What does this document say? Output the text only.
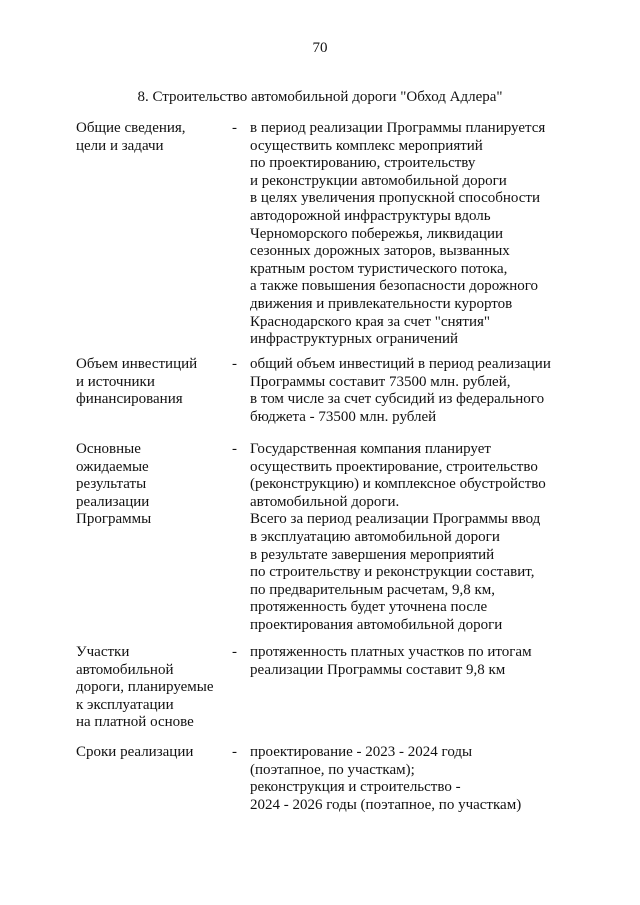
70
8. Строительство автомобильной дороги "Обход Адлера"
Общие сведения,
цели и задачи
- в период реализации Программы планируется
осуществить комплекс мероприятий
по проектированию, строительству
и реконструкции автомобильной дороги
в целях увеличения пропускной способности
автодорожной инфраструктуры вдоль
Черноморского побережья, ликвидации
сезонных дорожных заторов, вызванных
кратным ростом туристического потока,
а также повышения безопасности дорожного
движения и привлекательности курортов
Краснодарского края за счет "снятия"
инфраструктурных ограничений
Объем инвестиций
и источники
финансирования
- общий объем инвестиций в период реализации
Программы составит 73500 млн. рублей,
в том числе за счет субсидий из федерального
бюджета - 73500 млн. рублей
Основные
ожидаемые
результаты
реализации
Программы
- Государственная компания планирует
осуществить проектирование, строительство
(реконструкцию) и комплексное обустройство
автомобильной дороги.
Всего за период реализации Программы ввод
в эксплуатацию автомобильной дороги
в результате завершения мероприятий
по строительству и реконструкции составит,
по предварительным расчетам, 9,8 км,
протяженность будет уточнена после
проектирования автомобильной дороги
Участки
автомобильной
дороги, планируемые
к эксплуатации
на платной основе
- протяженность платных участков по итогам
реализации Программы составит 9,8 км
Сроки реализации	- проектирование - 2023 - 2024 годы
(поэтапное, по участкам);
реконструкция и строительство -
2024 - 2026 годы (поэтапное, по участкам)
